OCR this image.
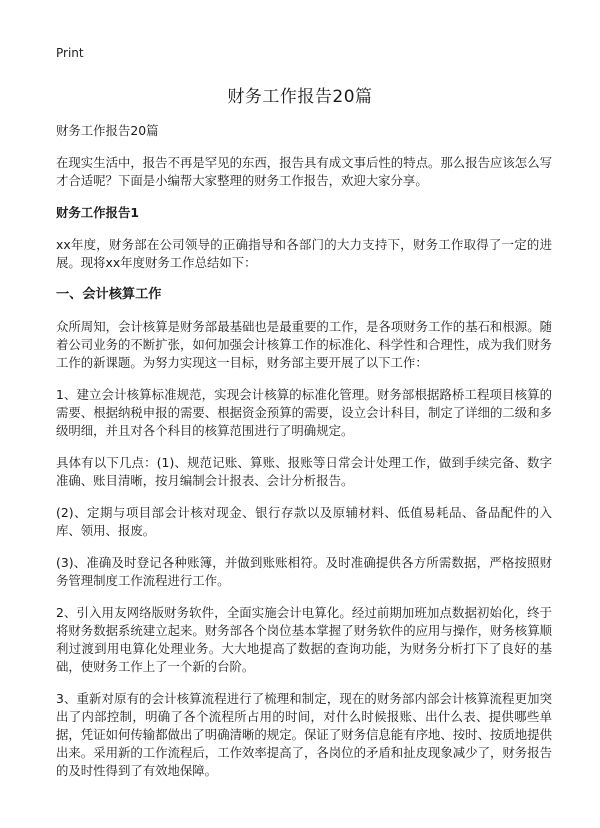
Print
财务工作报告20篇

财务工作报告20篇

在现实生活中，报告不再是罕见的东西，报告具有成文事后性的特点。那么报告应该怎么写才合适呢？下面是小编帮大家整理的财务工作报告，欢迎大家分享。

财务工作报告1

xx年度，财务部在公司领导的正确指导和各部门的大力支持下，财务工作取得了一定的进展。现将xx年度财务工作总结如下：

一、会计核算工作

众所周知，会计核算是财务部最基础也是最重要的工作，是各项财务工作的基石和根源。随着公司业务的不断扩张，如何加强会计核算工作的标准化、科学性和合理性，成为我们财务工作的新课题。为努力实现这一目标，财务部主要开展了以下工作：

1、建立会计核算标准规范，实现会计核算的标准化管理。财务部根据路桥工程项目核算的需要、根据纳税申报的需要、根据资金预算的需要，设立会计科目，制定了详细的二级和多级明细，并且对各个科目的核算范围进行了明确规定。

具体有以下几点：(1)、规范记账、算账、报账等日常会计处理工作，做到手续完备、数字准确、账目清晰，按月编制会计报表、会计分析报告。

(2)、定期与项目部会计核对现金、银行存款以及原辅材料、低值易耗品、备品配件的入库、领用、报废。

(3)、准确及时登记各种账簿，并做到账账相符。及时准确提供各方所需数据，严格按照财务管理制度工作流程进行工作。

2、引入用友网络版财务软件，全面实施会计电算化。经过前期加班加点数据初始化，终于将财务数据系统建立起来。财务部各个岗位基本掌握了财务软件的应用与操作，财务核算顺利过渡到用电算化处理业务。大大地提高了数据的查询功能，为财务分析打下了良好的基础，使财务工作上了一个新的台阶。

3、重新对原有的会计核算流程进行了梳理和制定，现在的财务部内部会计核算流程更加突出了内部控制，明确了各个流程所占用的时间，对什么时候报账、出什么表、提供哪些单据，凭证如何传输都做出了明确清晰的规定。保证了财务信息能有序地、按时、按质地提供出来。采用新的工作流程后，工作效率提高了，各岗位的矛盾和扯皮现象减少了，财务报告的及时性得到了有效地保障。
